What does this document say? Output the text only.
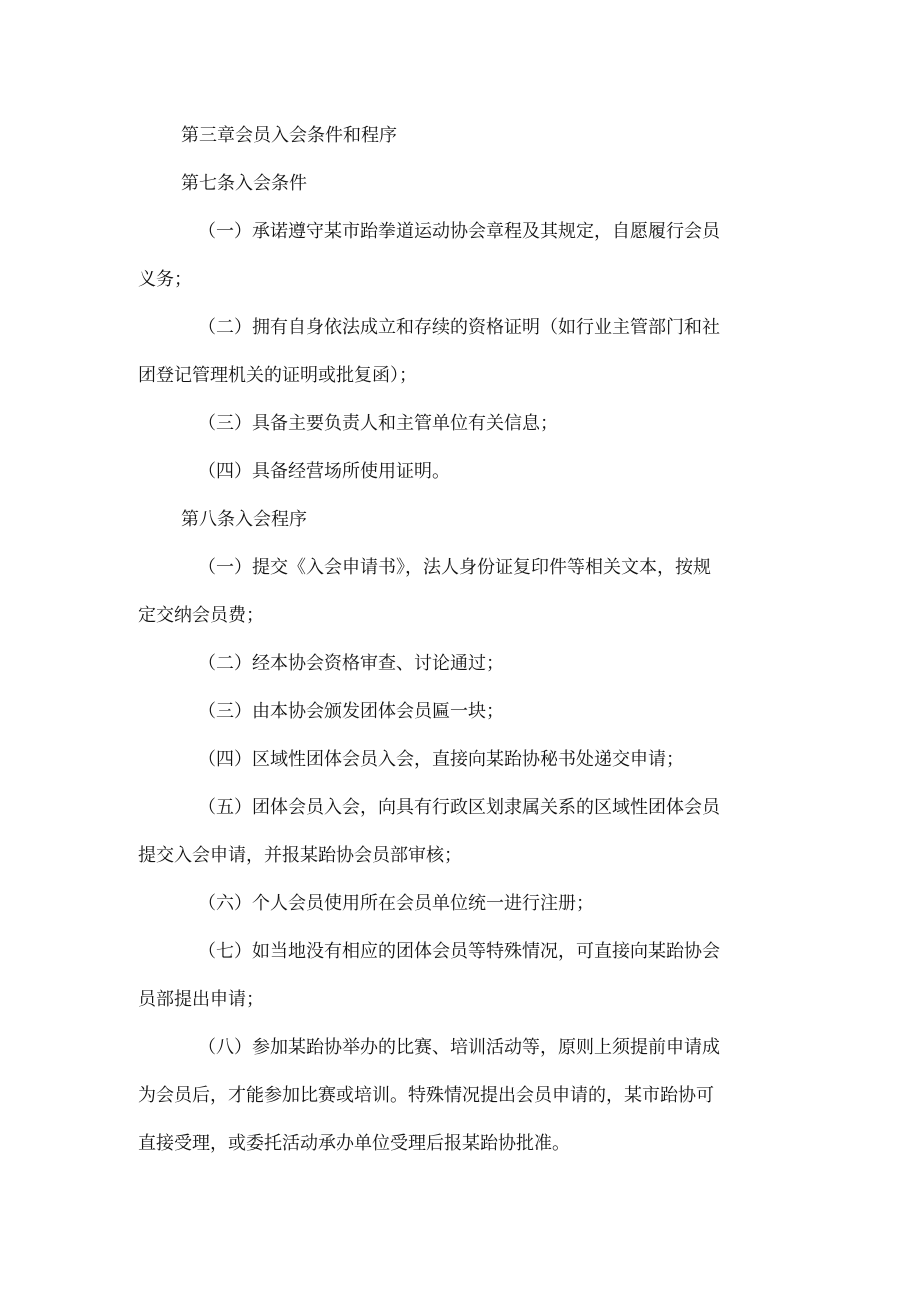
第三章会员入会条件和程序

第七条入会条件

（一）承诺遵守某市跆拳道运动协会章程及其规定，自愿履行会员

义务；

（二）拥有自身依法成立和存续的资格证明（如行业主管部门和社

团登记管理机关的证明或批复函）；

（三）具备主要负责人和主管单位有关信息；

（四）具备经营场所使用证明。

第八条入会程序

（一）提交《入会申请书》，法人身份证复印件等相关文本，按规

定交纳会员费；

（二）经本协会资格审查、讨论通过；

（三）由本协会颁发团体会员匾一块；

（四）区域性团体会员入会，直接向某跆协秘书处递交申请；

（五）团体会员入会，向具有行政区划隶属关系的区域性团体会员

提交入会申请，并报某跆协会员部审核；

（六）个人会员使用所在会员单位统一进行注册；

（七）如当地没有相应的团体会员等特殊情况，可直接向某跆协会

员部提出申请；

（八）参加某跆协举办的比赛、培训活动等，原则上须提前申请成

为会员后，才能参加比赛或培训。特殊情况提出会员申请的，某市跆协可

直接受理，或委托活动承办单位受理后报某跆协批准。
